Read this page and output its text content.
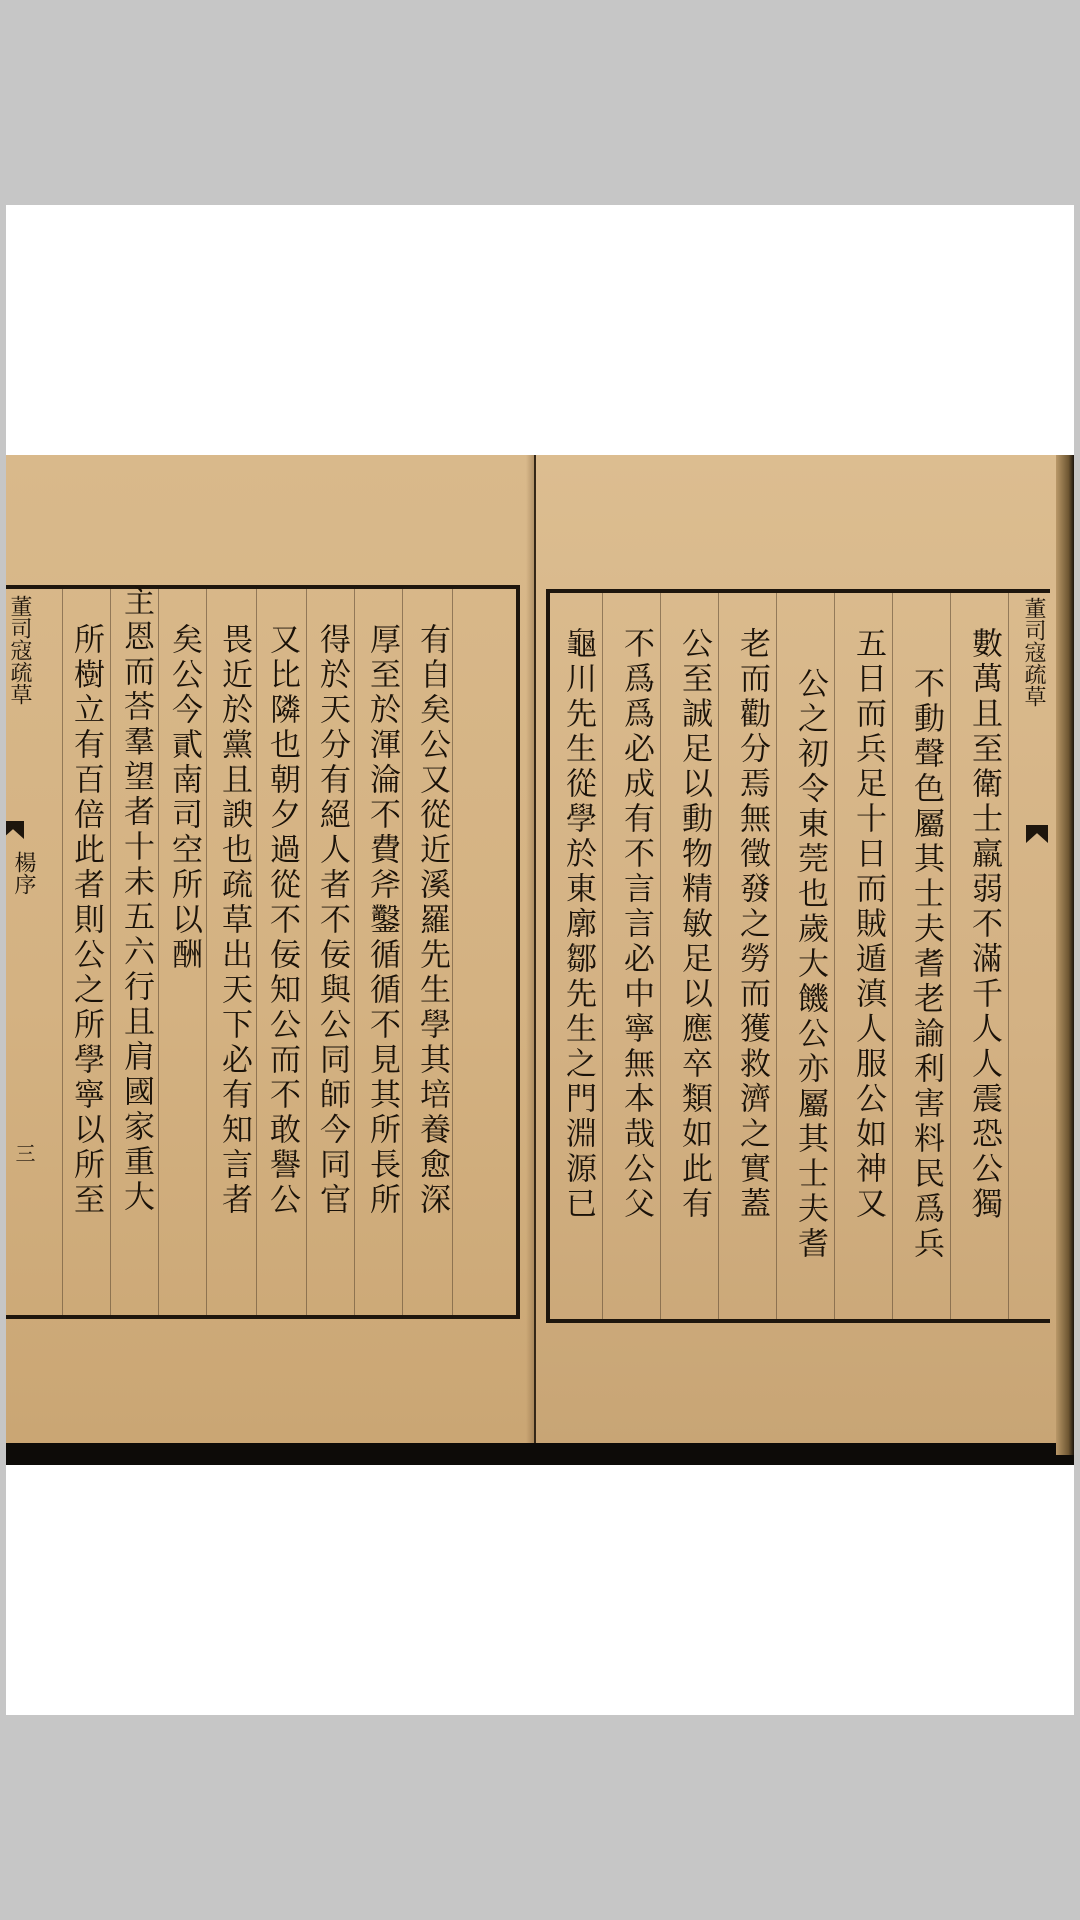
董司寇疏草
楊序
三	有自矣公又從近溪羅先生學其培養愈深
厚至於渾淪不費斧鑿循循不見其所長所
得於天分有絕人者不佞與公同師今同官
又比隣也朝夕過從不佞知公而不敢譽公
畏近於黨且諛也疏草出天下必有知言者
矣公今貳南司空所以酬
主恩而荅羣望者十未五六行且肩國家重大
所樹立有百倍此者則公之所學寧以所至	董司寇疏草
數萬且至衛士羸弱不滿千人人震恐公獨
不動聲色屬其士夫耆老諭利害料民爲兵
五日而兵足十日而賊遁滇人服公如神又
公之初令東莞也歲大饑公亦屬其士夫耆
老而勸分焉無徵發之勞而獲救濟之實蓋
公至誠足以動物精敏足以應卒類如此有
不爲爲必成有不言言必中寧無本哉公父
龜川先生從學於東廓鄒先生之門淵源已
